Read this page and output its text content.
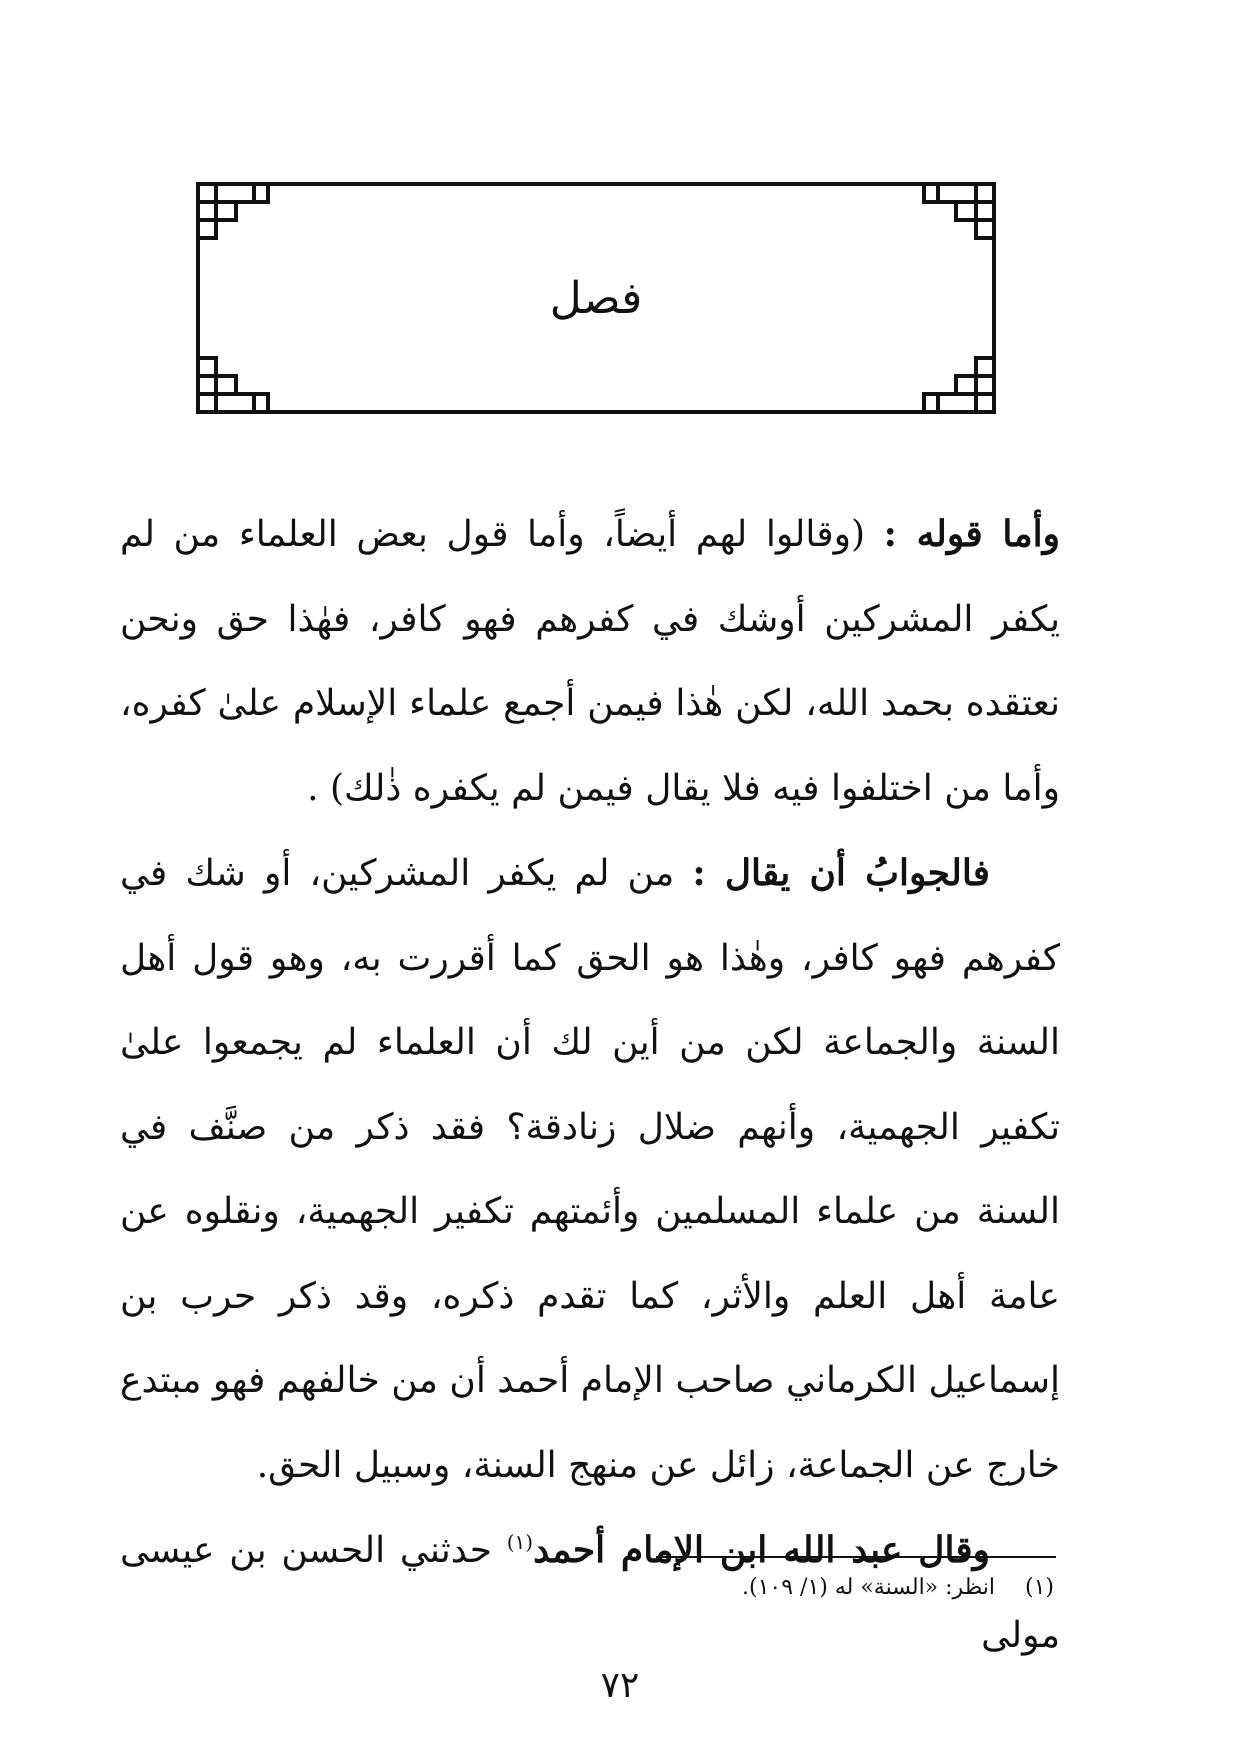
فصل

وأما قوله : (وقالوا لهم أيضاً، وأما قول بعض العلماء من لم يكفر المشركين أوشك في كفرهم فهو كافر، فهٰذا حق ونحن نعتقده بحمد الله، لكن هٰذا فيمن أجمع علماء الإسلام علىٰ كفره، وأما من اختلفوا فيه فلا يقال فيمن لم يكفره ذٰلك) .

فالجوابُ أن يقال : من لم يكفر المشركين، أو شك في كفرهم فهو كافر، وهٰذا هو الحق كما أقررت به، وهو قول أهل السنة والجماعة لكن من أين لك أن العلماء لم يجمعوا علىٰ تكفير الجهمية، وأنهم ضلال زنادقة؟ فقد ذكر من صنَّف في السنة من علماء المسلمين وأئمتهم تكفير الجهمية، ونقلوه عن عامة أهل العلم والأثر، كما تقدم ذكره، وقد ذكر حرب بن إسماعيل الكرماني صاحب الإمام أحمد أن من خالفهم فهو مبتدع خارج عن الجماعة، زائل عن منهج السنة، وسبيل الحق.

وقال عبد الله ابن الإمام أحمد$^{(١)}$ حدثني الحسن بن عيسى مولى

(١)انظر: «السنة» له (١/ ١٠٩).
٧٢
